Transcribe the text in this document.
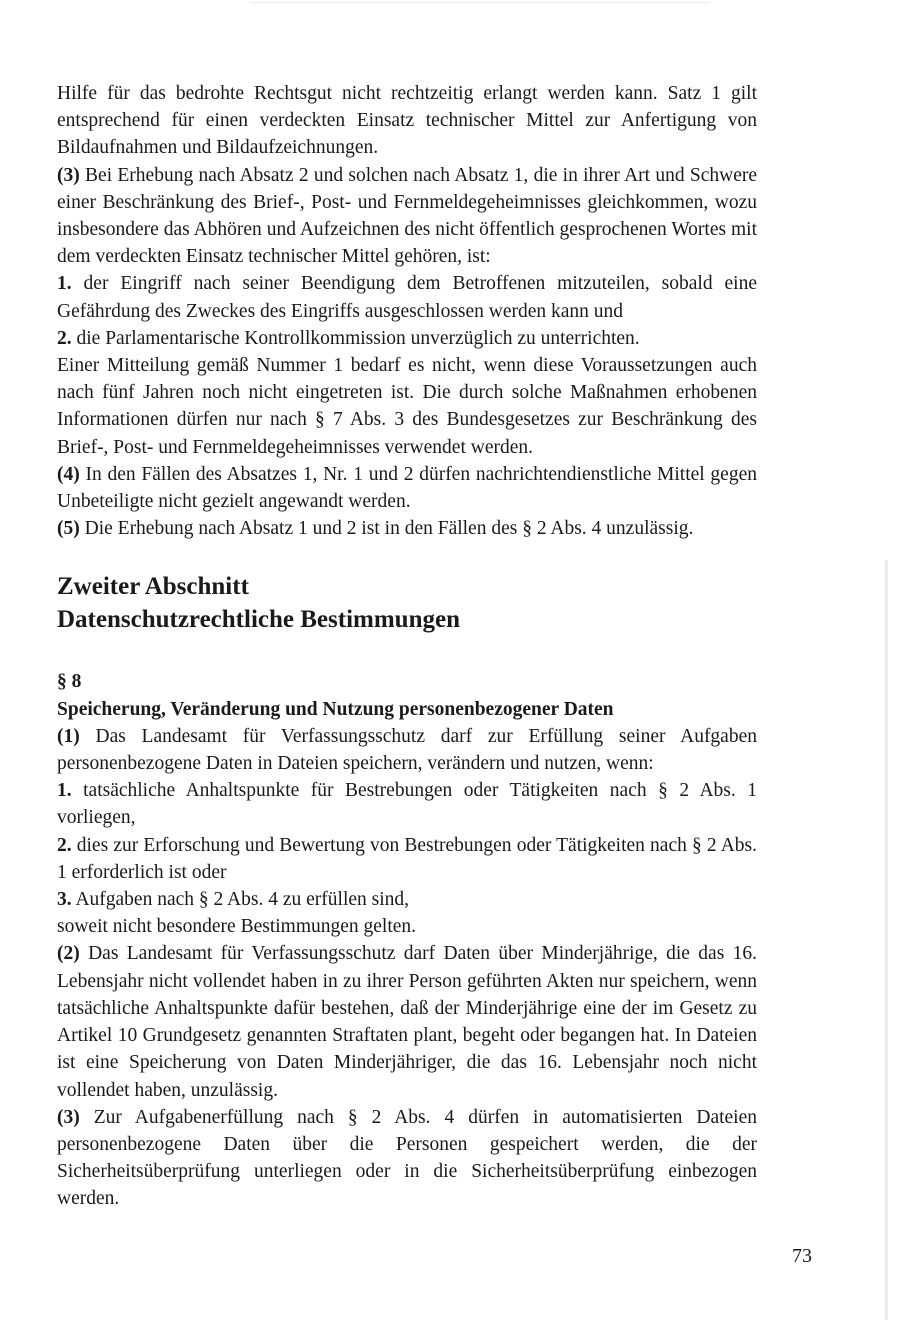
Hilfe für das bedrohte Rechtsgut nicht rechtzeitig erlangt werden kann. Satz 1 gilt entsprechend für einen verdeckten Einsatz technischer Mittel zur Anfertigung von Bildaufnahmen und Bildaufzeichnungen.

(3) Bei Erhebung nach Absatz 2 und solchen nach Absatz 1, die in ihrer Art und Schwere einer Beschränkung des Brief-, Post- und Fernmeldegeheimnisses gleichkommen, wozu insbesondere das Abhören und Aufzeichnen des nicht öffentlich gesprochenen Wortes mit dem verdeckten Einsatz technischer Mittel gehören, ist:

1. der Eingriff nach seiner Beendigung dem Betroffenen mitzuteilen, sobald eine Gefährdung des Zweckes des Eingriffs ausgeschlossen werden kann und

2. die Parlamentarische Kontrollkommission unverzüglich zu unterrichten.

Einer Mitteilung gemäß Nummer 1 bedarf es nicht, wenn diese Voraussetzungen auch nach fünf Jahren noch nicht eingetreten ist. Die durch solche Maßnahmen erhobenen Informationen dürfen nur nach § 7 Abs. 3 des Bundesgesetzes zur Beschränkung des Brief-, Post- und Fernmeldegeheimnisses verwendet werden.

(4) In den Fällen des Absatzes 1, Nr. 1 und 2 dürfen nachrichtendienstliche Mittel gegen Unbeteiligte nicht gezielt angewandt werden.

(5) Die Erhebung nach Absatz 1 und 2 ist in den Fällen des § 2 Abs. 4 unzulässig.

Zweiter Abschnitt

Datenschutzrechtliche Bestimmungen

§ 8

Speicherung, Veränderung und Nutzung personenbezogener Daten

(1) Das Landesamt für Verfassungsschutz darf zur Erfüllung seiner Aufgaben personenbezogene Daten in Dateien speichern, verändern und nutzen, wenn:

1. tatsächliche Anhaltspunkte für Bestrebungen oder Tätigkeiten nach § 2 Abs. 1 vorliegen,

2. dies zur Erforschung und Bewertung von Bestrebungen oder Tätigkeiten nach § 2 Abs. 1 erforderlich ist oder

3. Aufgaben nach § 2 Abs. 4 zu erfüllen sind,

soweit nicht besondere Bestimmungen gelten.

(2) Das Landesamt für Verfassungsschutz darf Daten über Minderjährige, die das 16. Lebensjahr nicht vollendet haben in zu ihrer Person geführten Akten nur speichern, wenn tatsächliche Anhaltspunkte dafür bestehen, daß der Minderjährige eine der im Gesetz zu Artikel 10 Grundgesetz genannten Straftaten plant, begeht oder begangen hat. In Dateien ist eine Speicherung von Daten Minderjähriger, die das 16. Lebensjahr noch nicht vollendet haben, unzulässig.

(3) Zur Aufgabenerfüllung nach § 2 Abs. 4 dürfen in automatisierten Dateien personenbezogene Daten über die Personen gespeichert werden, die der Sicherheitsüberprüfung unterliegen oder in die Sicherheitsüberprüfung einbezogen werden.

73
